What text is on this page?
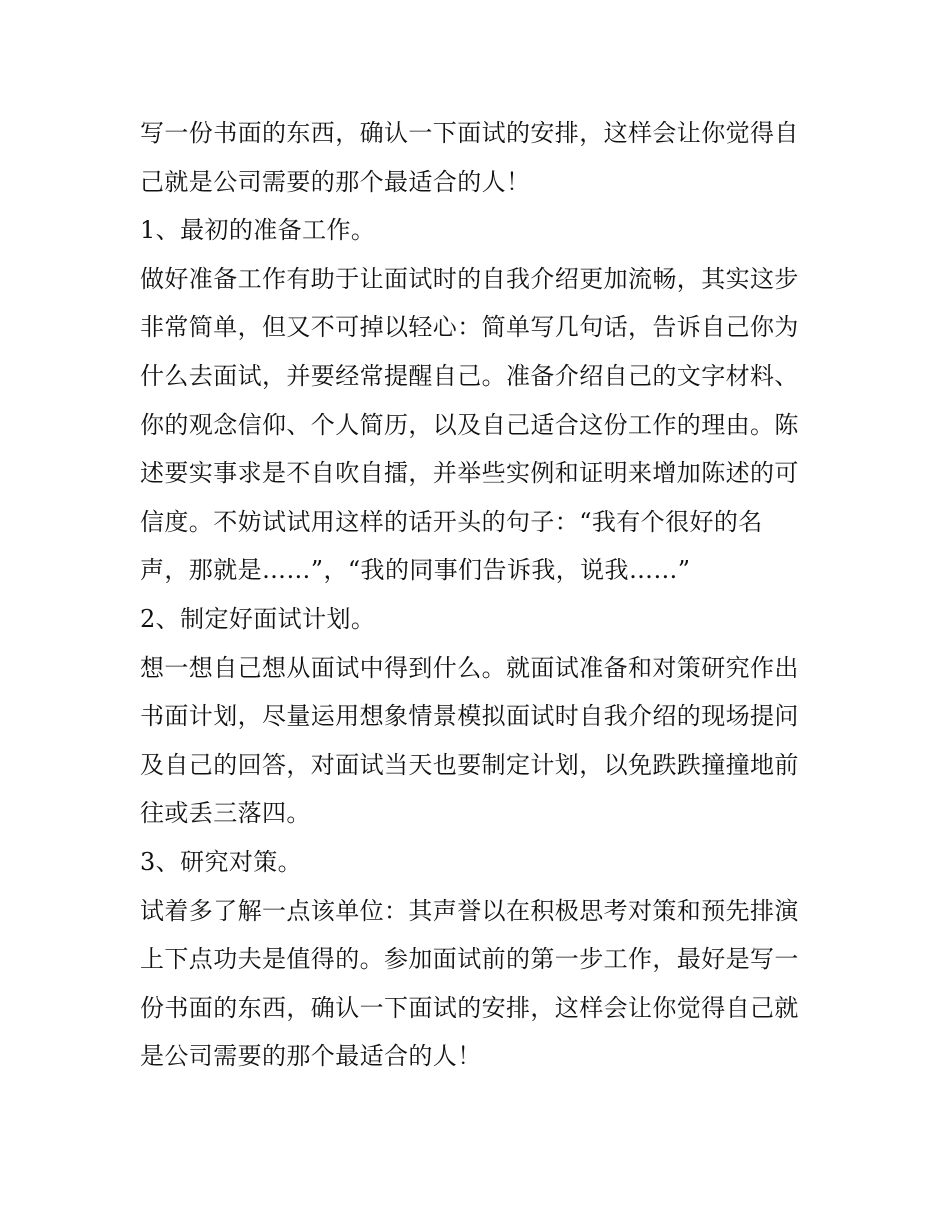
写一份书面的东西，确认一下面试的安排，这样会让你觉得自
己就是公司需要的那个最适合的人！
1、最初的准备工作。
做好准备工作有助于让面试时的自我介绍更加流畅，其实这步
非常简单，但又不可掉以轻心：简单写几句话，告诉自己你为
什么去面试，并要经常提醒自己。准备介绍自己的文字材料、
你的观念信仰、个人简历，以及自己适合这份工作的理由。陈
述要实事求是不自吹自擂，并举些实例和证明来增加陈述的可
信度。不妨试试用这样的话开头的句子：“我有个很好的名
声，那就是……”，“我的同事们告诉我，说我……”
2、制定好面试计划。
想一想自己想从面试中得到什么。就面试准备和对策研究作出
书面计划，尽量运用想象情景模拟面试时自我介绍的现场提问
及自己的回答，对面试当天也要制定计划，以免跌跌撞撞地前
往或丢三落四。
3、研究对策。
试着多了解一点该单位：其声誉以在积极思考对策和预先排演
上下点功夫是值得的。参加面试前的第一步工作，最好是写一
份书面的东西，确认一下面试的安排，这样会让你觉得自己就
是公司需要的那个最适合的人！
